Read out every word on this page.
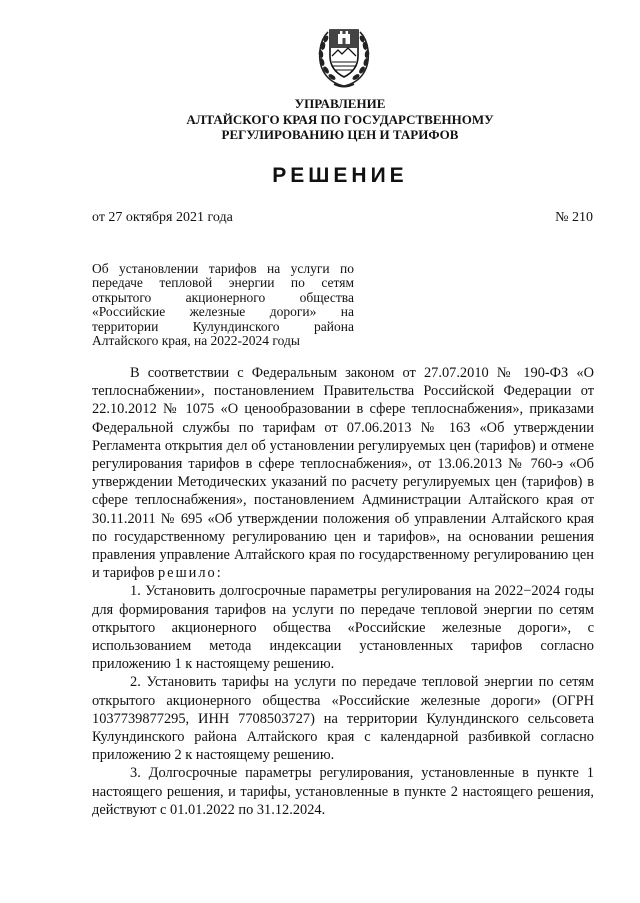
УПРАВЛЕНИЕ
АЛТАЙСКОГО КРАЯ ПО ГОСУДАРСТВЕННОМУ
РЕГУЛИРОВАНИЮ ЦЕН И ТАРИФОВ
РЕШЕНИЕ
от 27 октября 2021 года	№ 210
Об установлении тарифов на услуги по
передаче тепловой энергии по сетям
открытого акционерного общества
«Российские железные дороги» на
территории Кулундинского района
Алтайского края, на 2022-2024 годы

В соответствии с Федеральным законом от 27.07.2010 № 190-ФЗ «О теплоснабжении», постановлением Правительства Российской Федерации от 22.10.2012 № 1075 «О ценообразовании в сфере теплоснабжения», приказами Федеральной службы по тарифам от 07.06.2013 № 163 «Об утверждении Регламента открытия дел об установлении регулируемых цен (тарифов) и отмене регулирования тарифов в сфере теплоснабжения», от 13.06.2013 № 760-э «Об утверждении Методических указаний по расчету регулируемых цен (тарифов) в сфере теплоснабжения», постановлением Администрации Алтайского края от 30.11.2011 № 695 «Об утверждении положения об управлении Алтайского края по государственному регулированию цен и тарифов», на основании решения правления управление Алтайского края по государственному регулированию цен и тарифов решило:

1. Установить долгосрочные параметры регулирования на 2022−2024 годы для формирования тарифов на услуги по передаче тепловой энергии по сетям открытого акционерного общества «Российские железные дороги», с использованием метода индексации установленных тарифов согласно приложению 1 к настоящему решению.

2. Установить тарифы на услуги по передаче тепловой энергии по сетям открытого акционерного общества «Российские железные дороги» (ОГРН 1037739877295, ИНН 7708503727) на территории Кулундинского сельсовета Кулундинского района Алтайского края с календарной разбивкой согласно приложению 2 к настоящему решению.

3. Долгосрочные параметры регулирования, установленные в пункте 1 настоящего решения, и тарифы, установленные в пункте 2 настоящего решения, действуют с 01.01.2022 по 31.12.2024.
